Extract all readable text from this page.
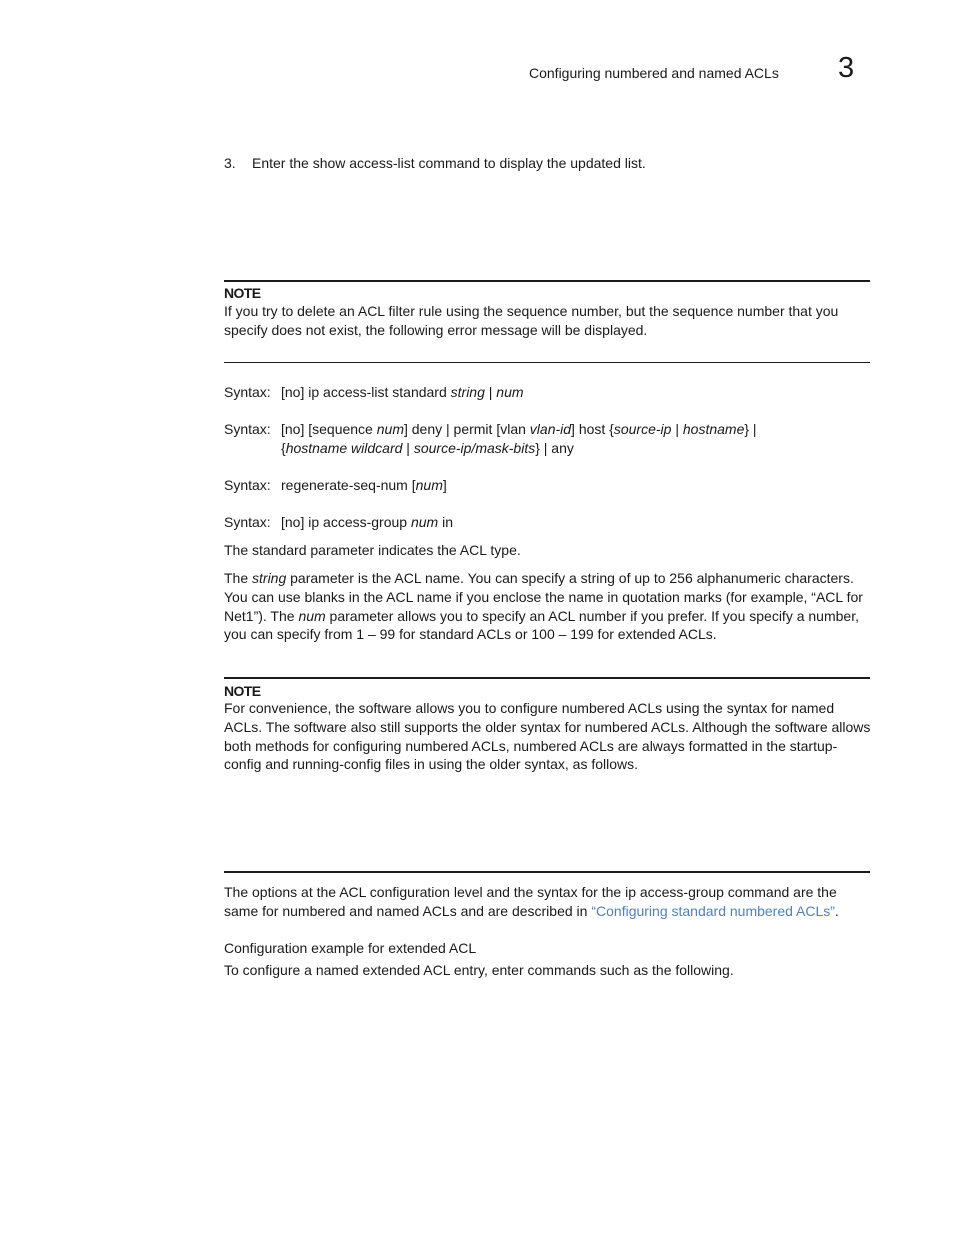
Configuring numbered and named ACLs 3
3. Enter the show access-list command to display the updated list.
NOTE
If you try to delete an ACL filter rule using the sequence number, but the sequence number that you specify does not exist, the following error message will be displayed.
Syntax: [no] ip access-list standard string | num
Syntax: [no] [sequence num] deny | permit [vlan vlan-id] host {source-ip | hostname} |
{hostname wildcard | source-ip/mask-bits} | any
Syntax: regenerate-seq-num [num]
Syntax: [no] ip access-group num in
The standard parameter indicates the ACL type.
The string parameter is the ACL name. You can specify a string of up to 256 alphanumeric characters. You can use blanks in the ACL name if you enclose the name in quotation marks (for example, “ACL for Net1”). The num parameter allows you to specify an ACL number if you prefer. If you specify a number, you can specify from 1 – 99 for standard ACLs or 100 – 199 for extended ACLs.
NOTE
For convenience, the software allows you to configure numbered ACLs using the syntax for named ACLs. The software also still supports the older syntax for numbered ACLs. Although the software allows both methods for configuring numbered ACLs, numbered ACLs are always formatted in the startup-config and running-config files in using the older syntax, as follows.
The options at the ACL configuration level and the syntax for the ip access-group command are the same for numbered and named ACLs and are described in “Configuring standard numbered ACLs”.
Configuration example for extended ACL
To configure a named extended ACL entry, enter commands such as the following.
